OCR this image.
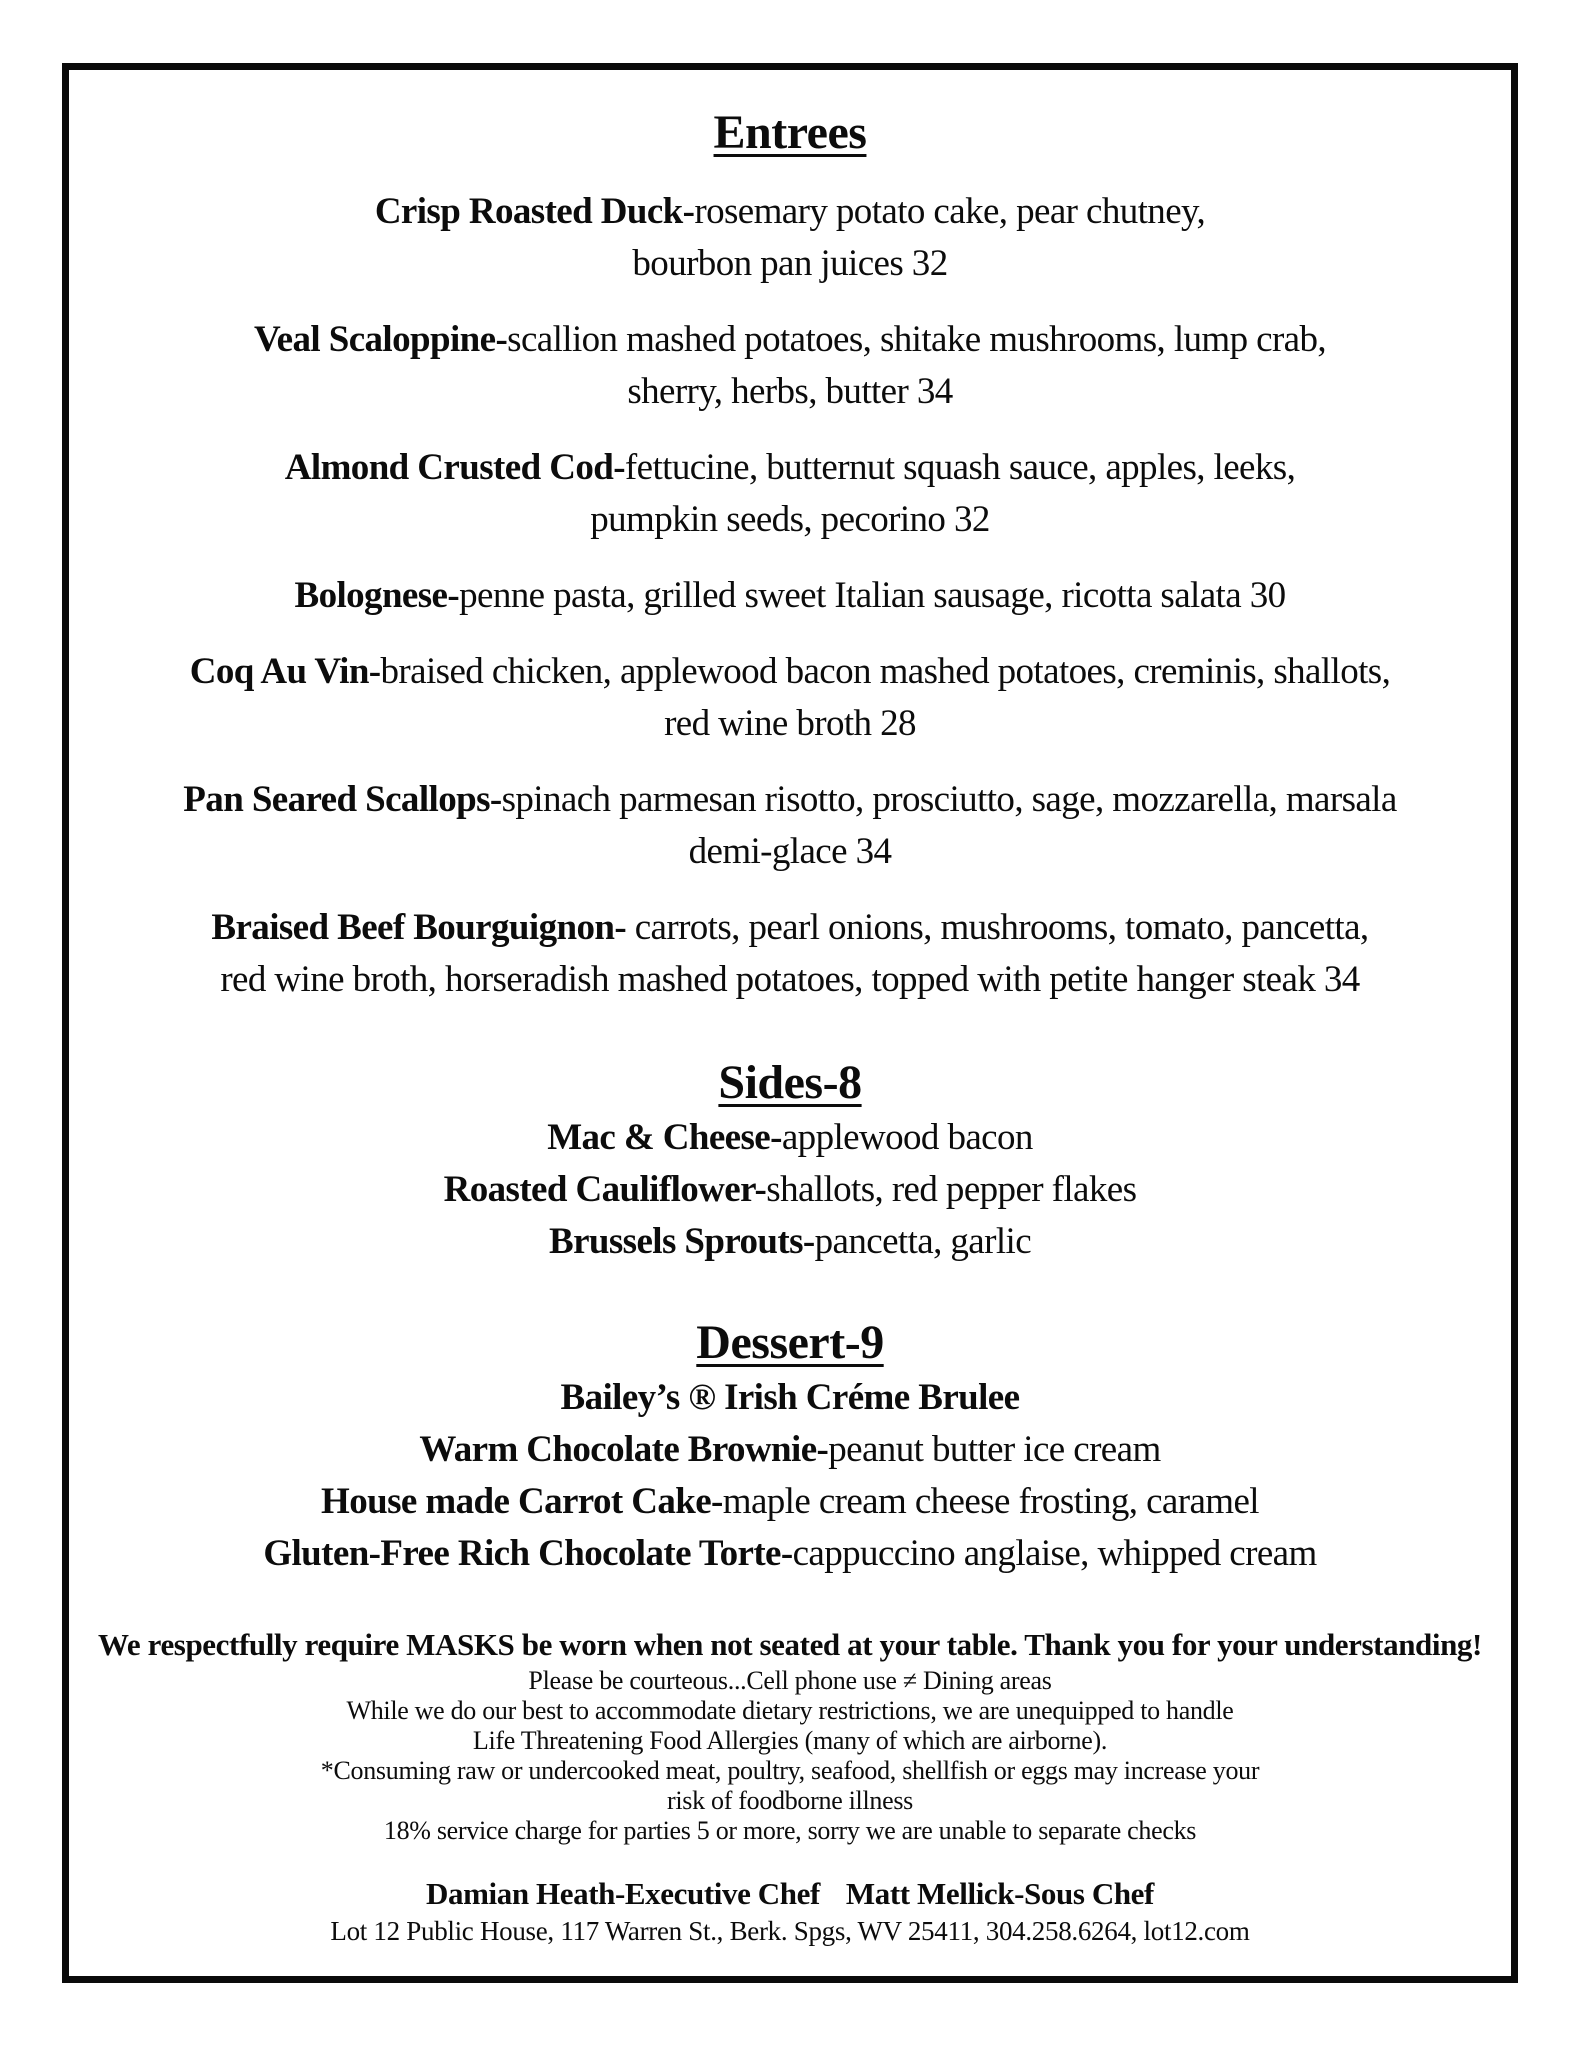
Entrees
Crisp Roasted Duck-rosemary potato cake, pear chutney,
bourbon pan juices 32
Veal Scaloppine-scallion mashed potatoes, shitake mushrooms, lump crab,
sherry, herbs, butter 34
Almond Crusted Cod-fettucine, butternut squash sauce, apples, leeks,
pumpkin seeds, pecorino 32
Bolognese-penne pasta, grilled sweet Italian sausage, ricotta salata 30
Coq Au Vin-braised chicken, applewood bacon mashed potatoes, creminis, shallots,
red wine broth 28
Pan Seared Scallops-spinach parmesan risotto, prosciutto, sage, mozzarella, marsala
demi-glace 34
Braised Beef Bourguignon- carrots, pearl onions, mushrooms, tomato, pancetta,
red wine broth, horseradish mashed potatoes, topped with petite hanger steak 34
Sides-8
Mac & Cheese-applewood bacon
Roasted Cauliflower-shallots, red pepper flakes
Brussels Sprouts-pancetta, garlic
Dessert-9
Bailey’s ® Irish Créme Brulee
Warm Chocolate Brownie-peanut butter ice cream
House made Carrot Cake-maple cream cheese frosting, caramel
Gluten-Free Rich Chocolate Torte-cappuccino anglaise, whipped cream
We respectfully require MASKS be worn when not seated at your table. Thank you for your understanding!
Please be courteous...Cell phone use ≠ Dining areas
While we do our best to accommodate dietary restrictions, we are unequipped to handle
Life Threatening Food Allergies (many of which are airborne).
*Consuming raw or undercooked meat, poultry, seafood, shellfish or eggs may increase your
risk of foodborne illness
18% service charge for parties 5 or more, sorry we are unable to separate checks
Damian Heath-Executive Chef Matt Mellick-Sous Chef
Lot 12 Public House, 117 Warren St., Berk. Spgs, WV 25411, 304.258.6264, lot12.com
